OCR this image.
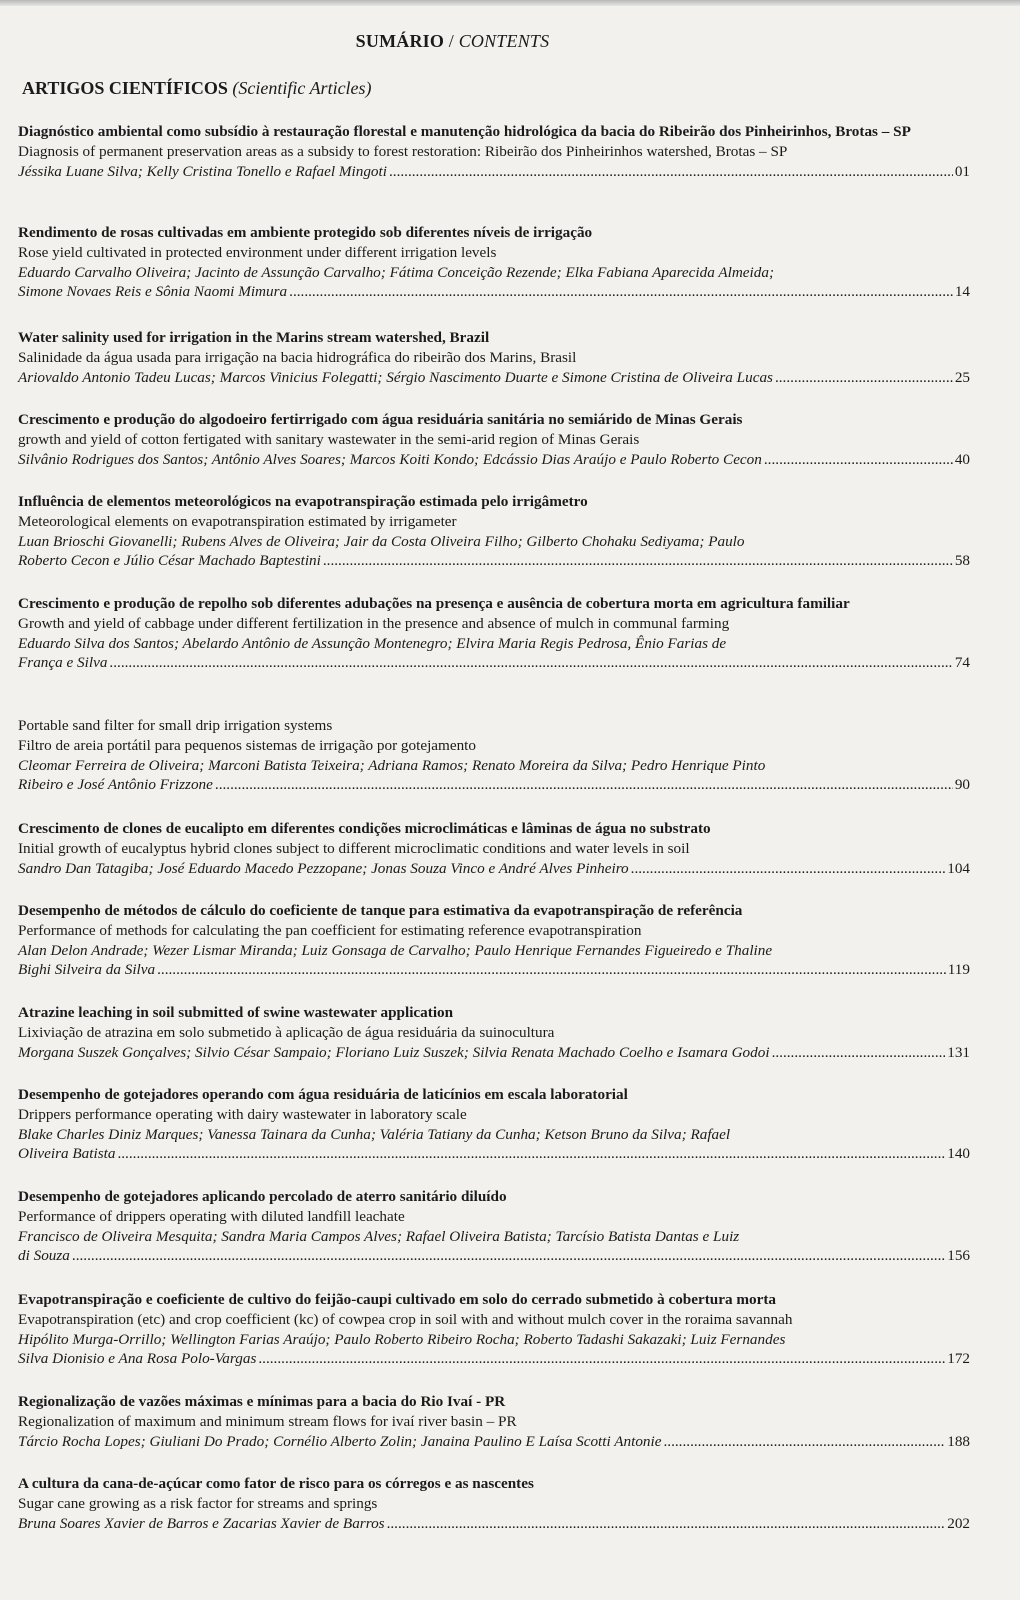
SUMÁRIO / CONTENTS
ARTIGOS CIENTÍFICOS (Scientific Articles)
Diagnóstico ambiental como subsídio à restauração florestal e manutenção hidrológica da bacia do Ribeirão dos Pinheirinhos, Brotas – SP
Diagnosis of permanent preservation areas as a subsidy to forest restoration: Ribeirão dos Pinheirinhos watershed, Brotas – SP
Jéssika Luane Silva; Kelly Cristina Tonello e Rafael Mingoti .....	01
Rendimento de rosas cultivadas em ambiente protegido sob diferentes níveis de irrigação
Rose yield cultivated in protected environment under different irrigation levels
Eduardo Carvalho Oliveira; Jacinto de Assunção Carvalho; Fátima Conceição Rezende; Elka Fabiana Aparecida Almeida;
Simone Novaes Reis e Sônia Naomi Mimura .....	14
Water salinity used for irrigation in the Marins stream watershed, Brazil
Salinidade da água usada para irrigação na bacia hidrográfica do ribeirão dos Marins, Brasil
Ariovaldo Antonio Tadeu Lucas; Marcos Vinicius Folegatti; Sérgio Nascimento Duarte e Simone Cristina de Oliveira Lucas .....	25
Crescimento e produção do algodoeiro fertirrigado com água residuária sanitária no semiárido de Minas Gerais
growth and yield of cotton fertigated with sanitary wastewater in the semi-arid region of Minas Gerais
Silvânio Rodrigues dos Santos; Antônio Alves Soares; Marcos Koiti Kondo; Edcássio Dias Araújo e Paulo Roberto Cecon .....	40
Influência de elementos meteorológicos na evapotranspiração estimada pelo irrigâmetro
Meteorological elements on evapotranspiration estimated by irrigameter
Luan Brioschi Giovanelli; Rubens Alves de Oliveira; Jair da Costa Oliveira Filho; Gilberto Chohaku Sediyama; Paulo
Roberto Cecon e Júlio César Machado Baptestini .....	58
Crescimento e produção de repolho sob diferentes adubações na presença e ausência de cobertura morta em agricultura familiar
Growth and yield of cabbage under different fertilization in the presence and absence of mulch in communal farming
Eduardo Silva dos Santos; Abelardo Antônio de Assunção Montenegro; Elvira Maria Regis Pedrosa, Ênio Farias de
França e Silva .....	74
Portable sand filter for small drip irrigation systems
Filtro de areia portátil para pequenos sistemas de irrigação por gotejamento
Cleomar Ferreira de Oliveira; Marconi Batista Teixeira; Adriana Ramos; Renato Moreira da Silva; Pedro Henrique Pinto
Ribeiro e José Antônio Frizzone .....	90
Crescimento de clones de eucalipto em diferentes condições microclimáticas e lâminas de água no substrato
Initial growth of eucalyptus hybrid clones subject to different microclimatic conditions and water levels in soil
Sandro Dan Tatagiba; José Eduardo Macedo Pezzopane; Jonas Souza Vinco e André Alves Pinheiro .....	104
Desempenho de métodos de cálculo do coeficiente de tanque para estimativa da evapotranspiração de referência
Performance of methods for calculating the pan coefficient for estimating reference evapotranspiration
Alan Delon Andrade; Wezer Lismar Miranda; Luiz Gonsaga de Carvalho; Paulo Henrique Fernandes Figueiredo e Thaline
Bighi Silveira da Silva .....	119
Atrazine leaching in soil submitted of swine wastewater application
Lixiviação de atrazina em solo submetido à aplicação de água residuária da suinocultura
Morgana Suszek Gonçalves; Silvio César Sampaio; Floriano Luiz Suszek; Silvia Renata Machado Coelho e Isamara Godoi .....	131
Desempenho de gotejadores operando com água residuária de laticínios em escala laboratorial
Drippers performance operating with dairy wastewater in laboratory scale
Blake Charles Diniz Marques; Vanessa Tainara da Cunha; Valéria Tatiany da Cunha; Ketson Bruno da Silva; Rafael
Oliveira Batista .....	140
Desempenho de gotejadores aplicando percolado de aterro sanitário diluído
Performance of drippers operating with diluted landfill leachate
Francisco de Oliveira Mesquita; Sandra Maria Campos Alves; Rafael Oliveira Batista; Tarcísio Batista Dantas e Luiz
di Souza .....	156
Evapotranspiração e coeficiente de cultivo do feijão-caupi cultivado em solo do cerrado submetido à cobertura morta
Evapotranspiration (etc) and crop coefficient (kc) of cowpea crop in soil with and without mulch cover in the roraima savannah
Hipólito Murga-Orrillo; Wellington Farias Araújo; Paulo Roberto Ribeiro Rocha; Roberto Tadashi Sakazaki; Luiz Fernandes
Silva Dionisio e Ana Rosa Polo-Vargas .....	172
Regionalização de vazões máximas e mínimas para a bacia do Rio Ivaí - PR
Regionalization of maximum and minimum stream flows for ivaí river basin – PR
Tárcio Rocha Lopes; Giuliani Do Prado; Cornélio Alberto Zolin; Janaina Paulino E Laísa Scotti Antonie .....	188
A cultura da cana-de-açúcar como fator de risco para os córregos e as nascentes
Sugar cane growing as a risk factor for streams and springs
Bruna Soares Xavier de Barros e Zacarias Xavier de Barros .....	202
